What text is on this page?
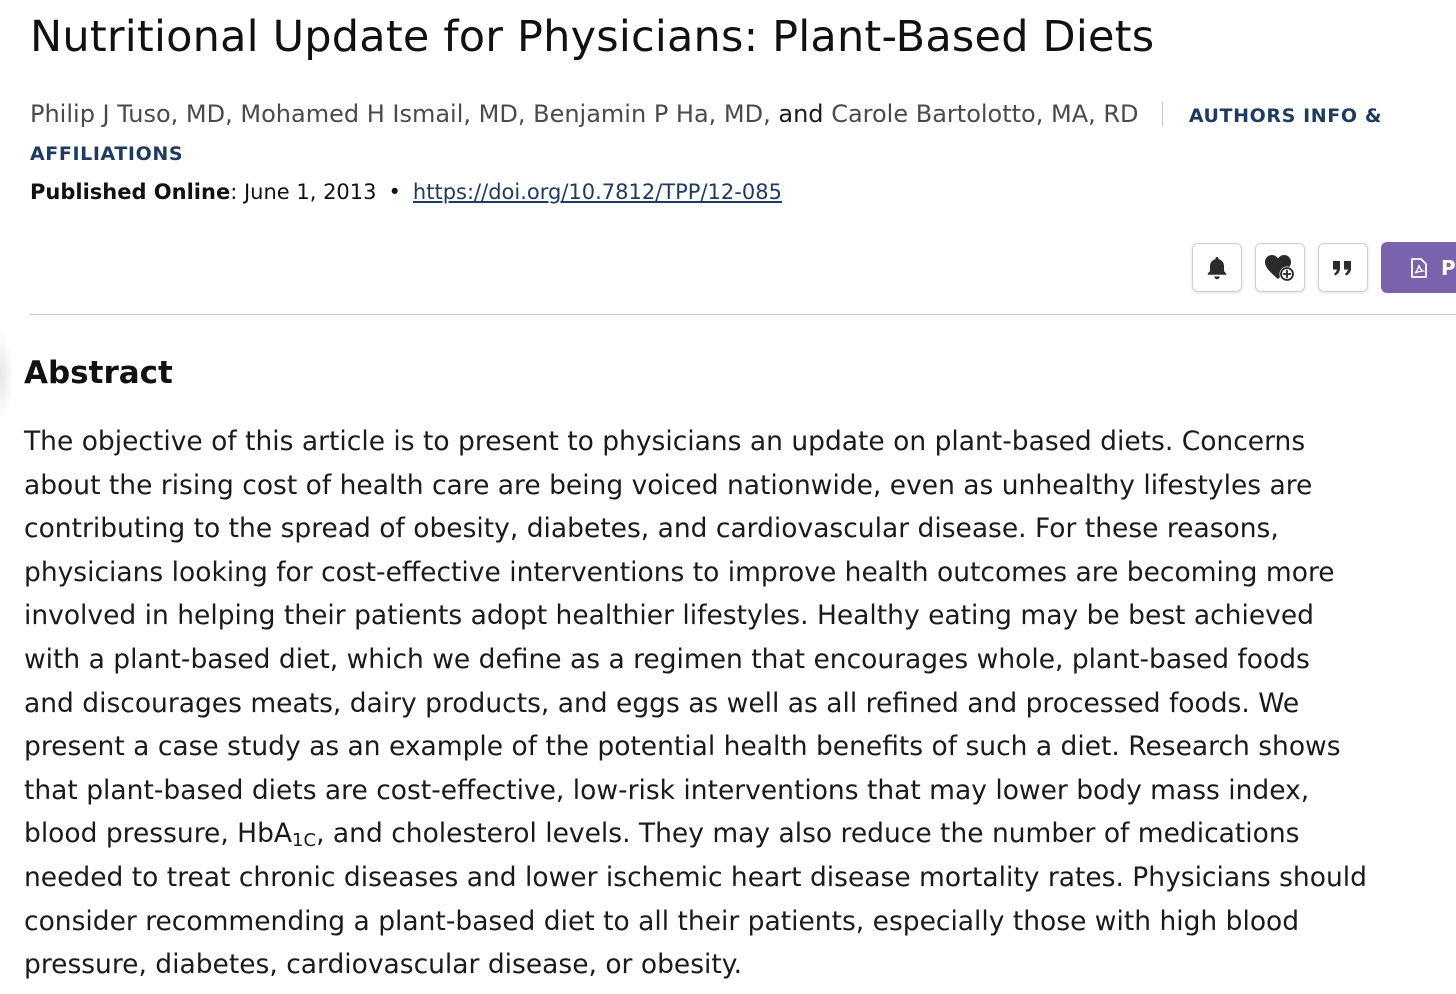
Nutritional Update for Physicians: Plant-Based Diets
Philip J Tuso, MD, Mohamed H Ismail, MD, Benjamin P Ha, MD, and Carole Bartolotto, MA, RD	AUTHORS INFO &
AFFILIATIONS
Published Online: June 1, 2013 • https://doi.org/10.7812/TPP/12-085
P
Abstract
The objective of this article is to present to physicians an update on plant-based diets. Concerns
about the rising cost of health care are being voiced nationwide, even as unhealthy lifestyles are
contributing to the spread of obesity, diabetes, and cardiovascular disease. For these reasons,
physicians looking for cost-effective interventions to improve health outcomes are becoming more
involved in helping their patients adopt healthier lifestyles. Healthy eating may be best achieved
with a plant-based diet, which we define as a regimen that encourages whole, plant-based foods
and discourages meats, dairy products, and eggs as well as all refined and processed foods. We
present a case study as an example of the potential health benefits of such a diet. Research shows
that plant-based diets are cost-effective, low-risk interventions that may lower body mass index,
blood pressure, HbA$_{1C}$, and cholesterol levels. They may also reduce the number of medications
needed to treat chronic diseases and lower ischemic heart disease mortality rates. Physicians should
consider recommending a plant-based diet to all their patients, especially those with high blood
pressure, diabetes, cardiovascular disease, or obesity.
